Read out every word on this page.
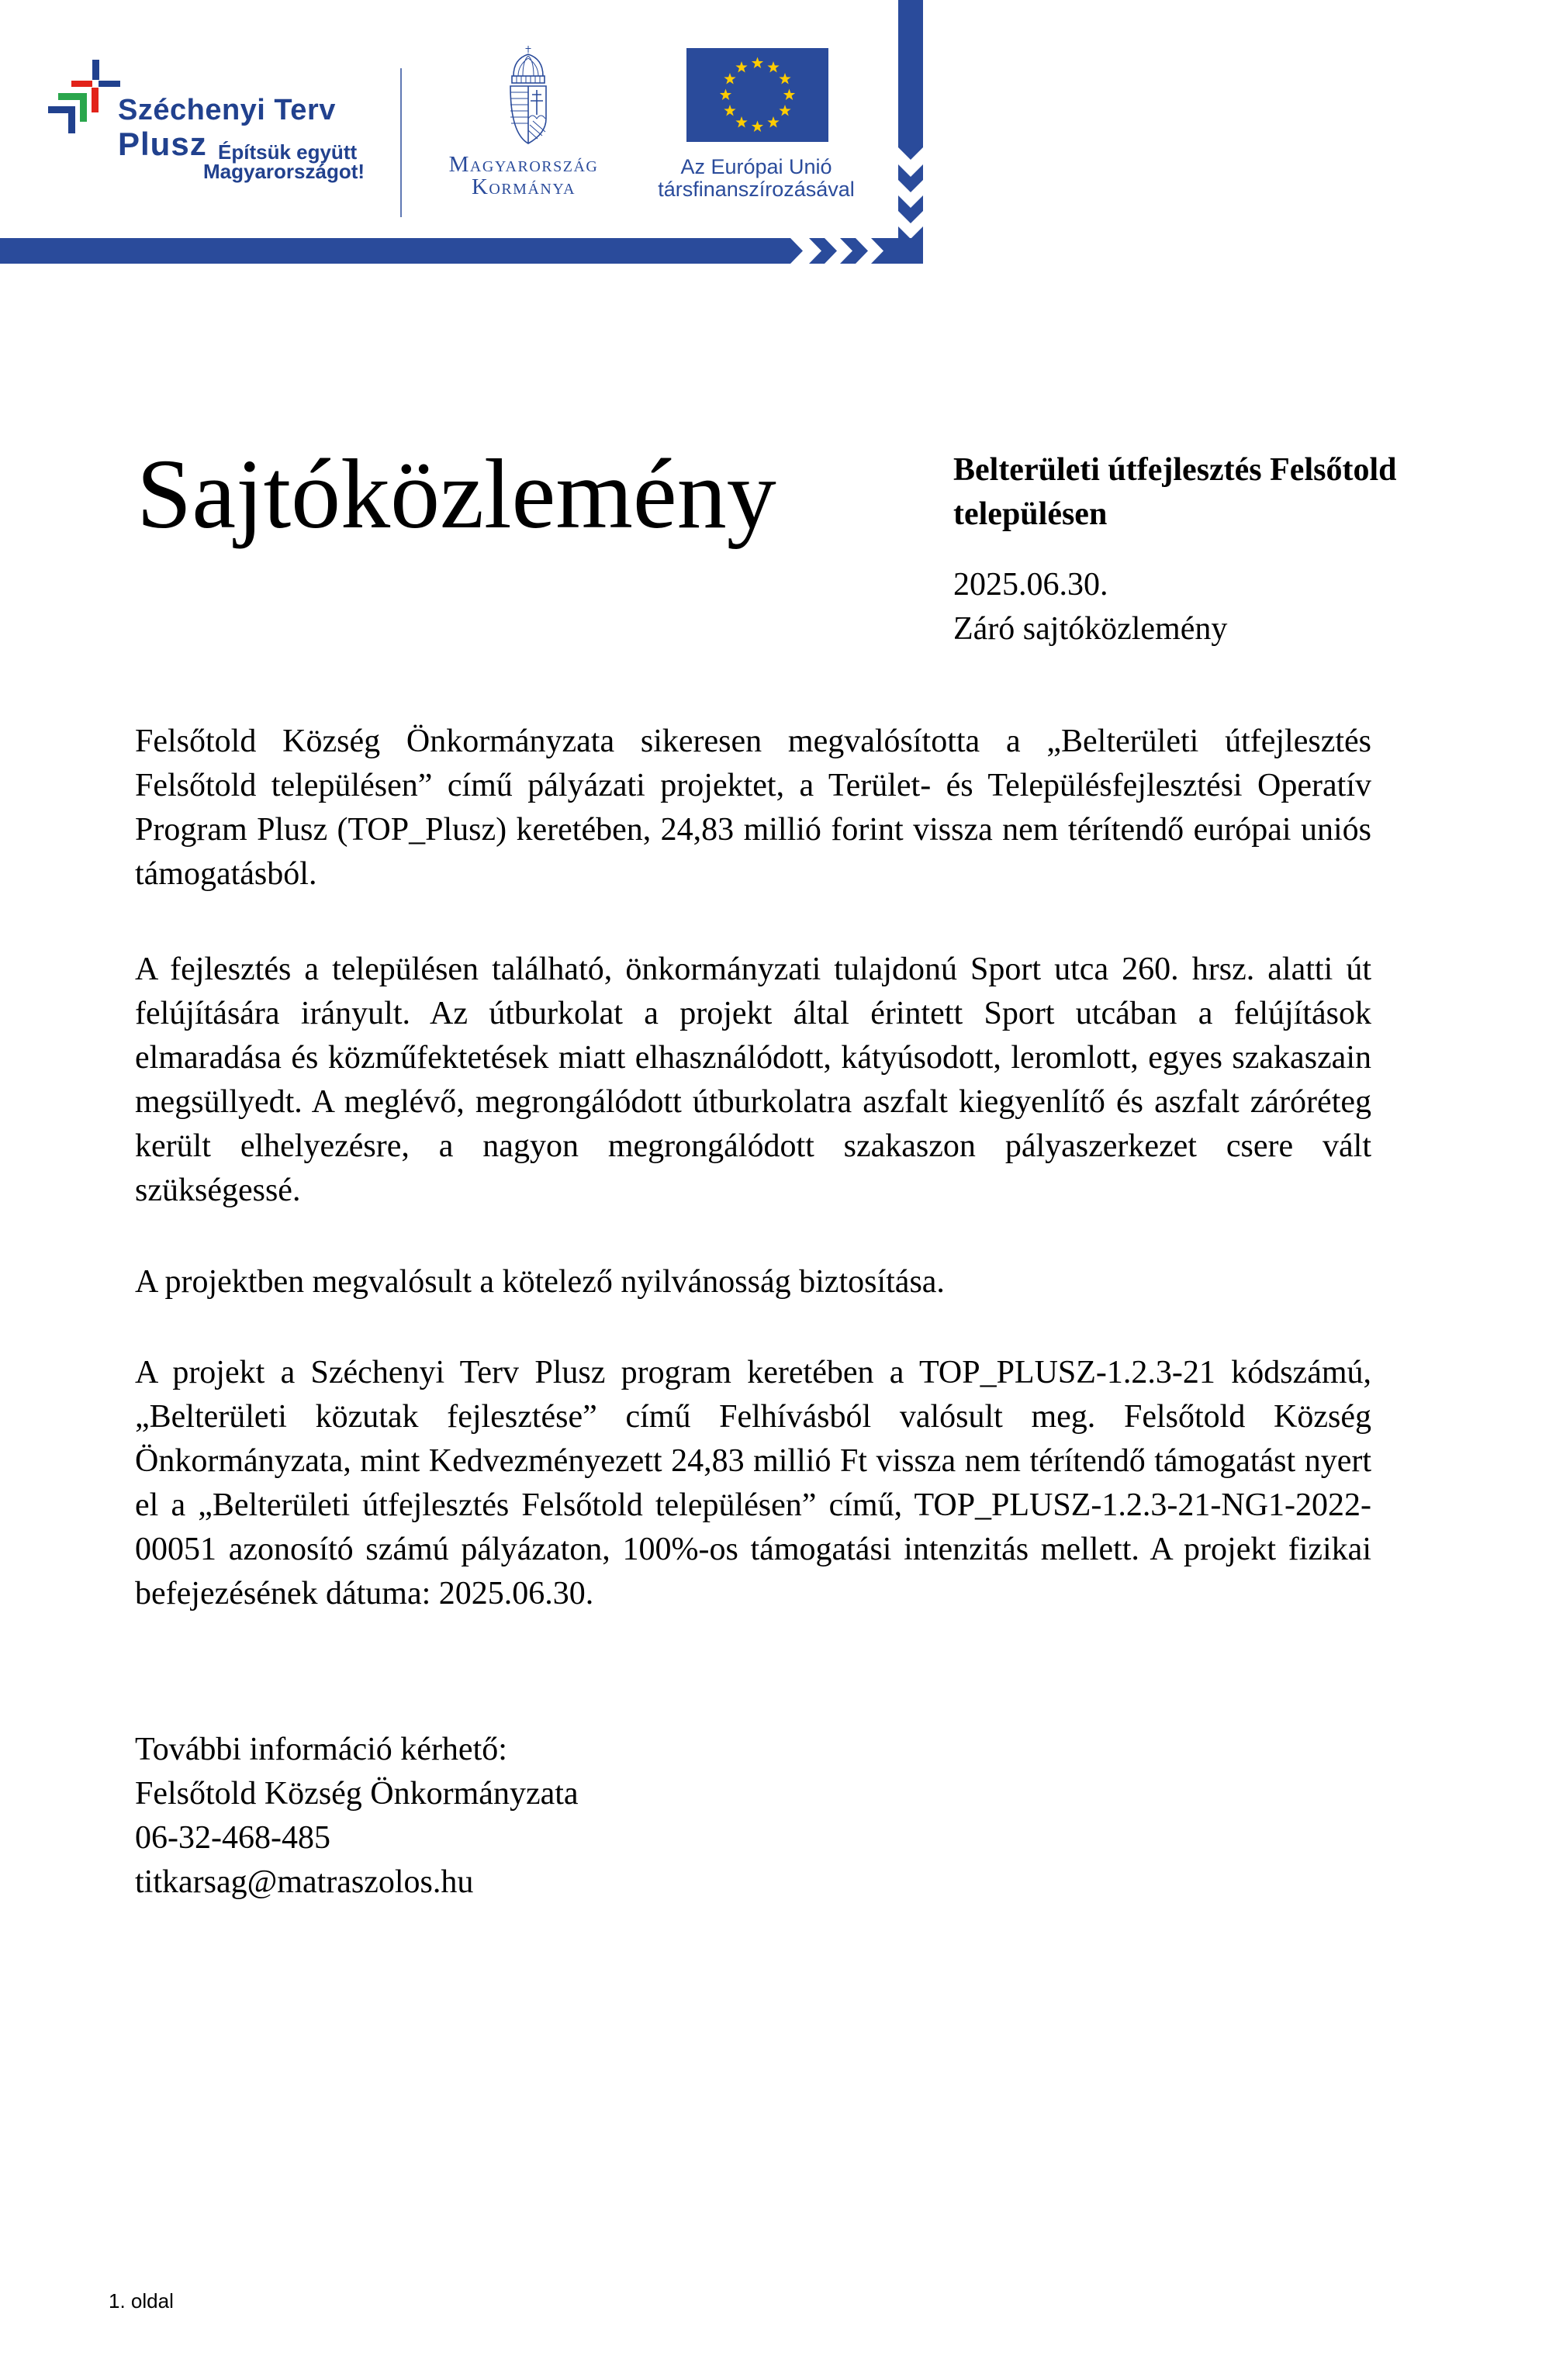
Széchenyi Terv
Plusz Építsük együtt
Magyarországot!	Magyarország
Kormánya
Az Európai Unió
társfinanszírozásával
Sajtóközlemény	Belterületi útfejlesztés Felsőtold településen
2025.06.30.
Záró sajtóközlemény

Felsőtold Község Önkormányzata sikeresen megvalósította a „Belterületi útfejlesztés Felsőtold településen” című pályázati projektet, a Terület- és Településfejlesztési Operatív Program Plusz (TOP_Plusz) keretében, 24,83 millió forint vissza nem térítendő európai uniós támogatásból.

A fejlesztés a településen található, önkormányzati tulajdonú Sport utca 260. hrsz. alatti út felújítására irányult. Az útburkolat a projekt által érintett Sport utcában a felújítások elmaradása és közműfektetések miatt elhasználódott, kátyúsodott, leromlott, egyes szakaszain megsüllyedt. A meglévő, megrongálódott útburkolatra aszfalt kiegyenlítő és aszfalt záróréteg került elhelyezésre, a nagyon megrongálódott szakaszon pályaszerkezet csere vált szükségessé.

A projektben megvalósult a kötelező nyilvánosság biztosítása.

A projekt a Széchenyi Terv Plusz program keretében a TOP_PLUSZ-1.2.3-21 kódszámú, „Belterületi közutak fejlesztése” című Felhívásból valósult meg. Felsőtold Község Önkormányzata, mint Kedvezményezett 24,83 millió Ft vissza nem térítendő támogatást nyert el a „Belterületi útfejlesztés Felsőtold településen” című, TOP_PLUSZ-1.2.3-21-NG1-2022-00051 azonosító számú pályázaton, 100%-os támogatási intenzitás mellett. A projekt fizikai befejezésének dátuma: 2025.06.30.

További információ kérhető:
Felsőtold Község Önkormányzata
06-32-468-485
titkarsag@matraszolos.hu
1. oldal
